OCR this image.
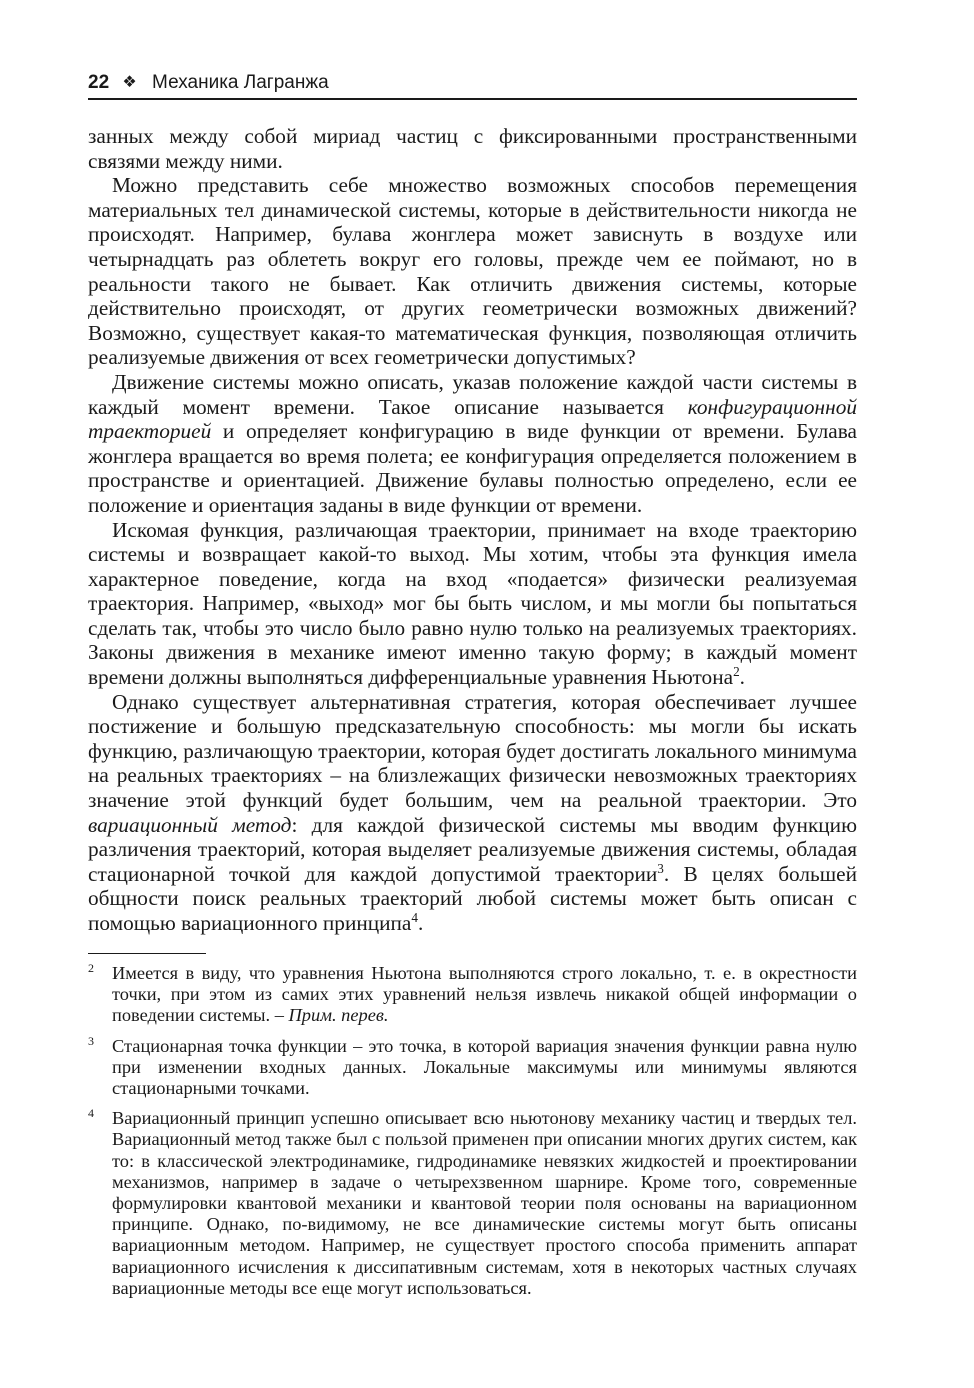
22 ❖ Механика Лагранжа

занных между собой мириад частиц с фиксированными пространственными связями между ними.

Можно представить себе множество возможных способов перемещения материальных тел динамической системы, которые в действительности никогда не происходят. Например, булава жонглера может зависнуть в воздухе или четырнадцать раз облететь вокруг его головы, прежде чем ее поймают, но в реальности такого не бывает. Как отличить движения системы, которые действительно происходят, от других геометрически возможных движений? Возможно, существует какая-то математическая функция, позволяющая отличить реализуемые движения от всех геометрически допустимых?

Движение системы можно описать, указав положение каждой части системы в каждый момент времени. Такое описание называется конфигурационной траекторией и определяет конфигурацию в виде функции от времени. Булава жонглера вращается во время полета; ее конфигурация определяется положением в пространстве и ориентацией. Движение булавы полностью определено, если ее положение и ориентация заданы в виде функции от времени.

Искомая функция, различающая траектории, принимает на входе траекторию системы и возвращает какой-то выход. Мы хотим, чтобы эта функция имела характерное поведение, когда на вход «подается» физически реализуемая траектория. Например, «выход» мог бы быть числом, и мы могли бы попытаться сделать так, чтобы это число было равно нулю только на реализуемых траекториях. Законы движения в механике имеют именно такую форму; в каждый момент времени должны выполняться дифференциальные уравнения Ньютона$^2$.

Однако существует альтернативная стратегия, которая обеспечивает лучшее постижение и большую предсказательную способность: мы могли бы искать функцию, различающую траектории, которая будет достигать локального минимума на реальных траекториях – на близлежащих физически невозможных траекториях значение этой функций будет большим, чем на реальной траектории. Это вариационный метод: для каждой физической системы мы вводим функцию различения траекторий, которая выделяет реализуемые движения системы, обладая стационарной точкой для каждой допустимой траектории$^3$. В целях большей общности поиск реальных траекторий любой системы может быть описан с помощью вариационного принципа$^4$.

2 Имеется в виду, что уравнения Ньютона выполняются строго локально, т. е. в окрестности точки, при этом из самих этих уравнений нельзя извлечь никакой общей информации о поведении системы. – Прим. перев.
3 Стационарная точка функции – это точка, в которой вариация значения функции равна нулю при изменении входных данных. Локальные максимумы или минимумы являются стационарными точками.
4 Вариационный принцип успешно описывает всю ньютонову механику частиц и твердых тел. Вариационный метод также был с пользой применен при описании многих других систем, как то: в классической электродинамике, гидродинамике невязких жидкостей и проектировании механизмов, например в задаче о четырехзвенном шарнире. Кроме того, современные формулировки квантовой механики и квантовой теории поля основаны на вариационном принципе. Однако, по-видимому, не все динамические системы могут быть описаны вариационным методом. Например, не существует простого способа применить аппарат вариационного исчисления к диссипативным системам, хотя в некоторых частных случаях вариационные методы все еще могут использоваться.
